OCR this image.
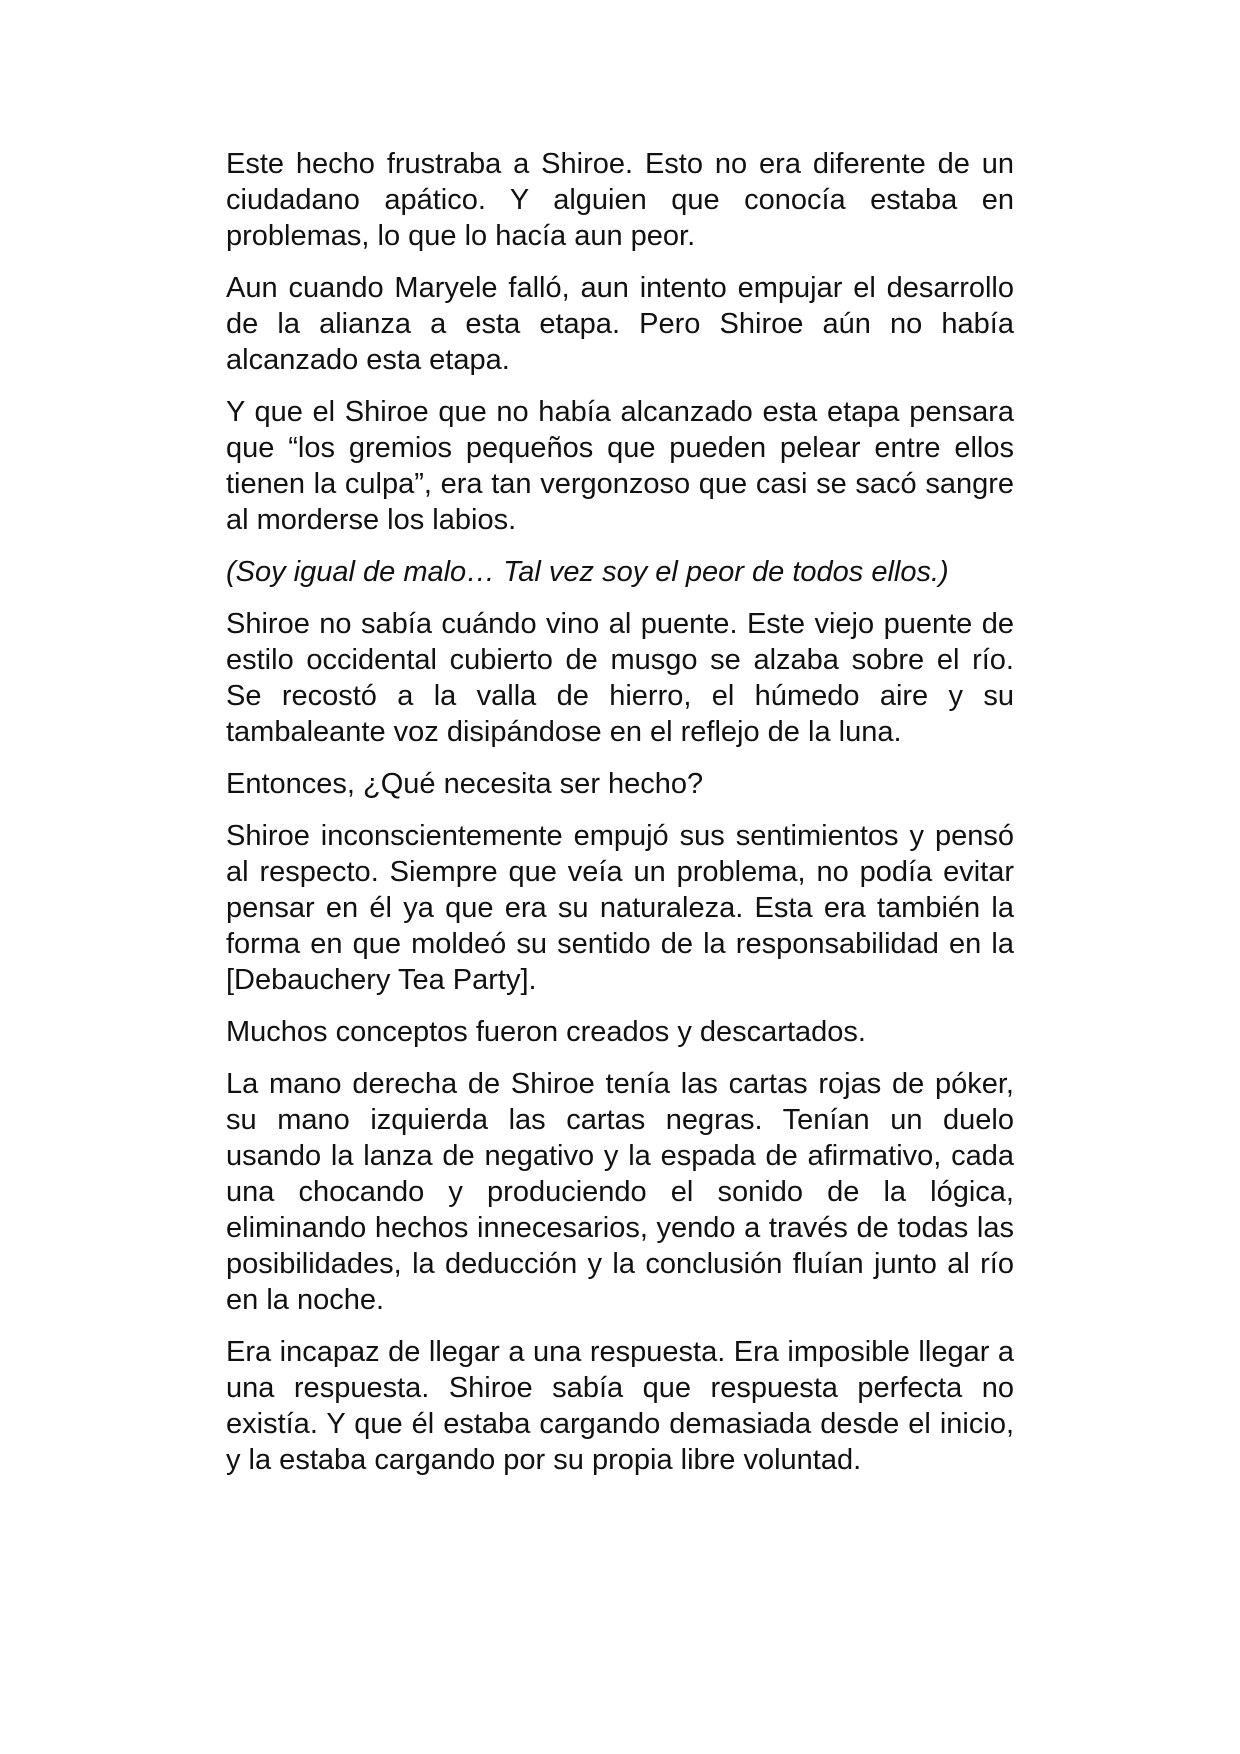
Este hecho frustraba a Shiroe. Esto no era diferente de un ciudadano apático. Y alguien que conocía estaba en problemas, lo que lo hacía aun peor.

Aun cuando Maryele falló, aun intento empujar el desarrollo de la alianza a esta etapa. Pero Shiroe aún no había alcanzado esta etapa.

Y que el Shiroe que no había alcanzado esta etapa pensara que “los gremios pequeños que pueden pelear entre ellos tienen la culpa”, era tan vergonzoso que casi se sacó sangre al morderse los labios.

(Soy igual de malo… Tal vez soy el peor de todos ellos.)

Shiroe no sabía cuándo vino al puente. Este viejo puente de estilo occidental cubierto de musgo se alzaba sobre el río. Se recostó a la valla de hierro, el húmedo aire y su tambaleante voz disipándose en el reflejo de la luna.

Entonces, ¿Qué necesita ser hecho?

Shiroe inconscientemente empujó sus sentimientos y pensó al respecto. Siempre que veía un problema, no podía evitar pensar en él ya que era su naturaleza. Esta era también la forma en que moldeó su sentido de la responsabilidad en la [Debauchery Tea Party].

Muchos conceptos fueron creados y descartados.

La mano derecha de Shiroe tenía las cartas rojas de póker, su mano izquierda las cartas negras. Tenían un duelo usando la lanza de negativo y la espada de afirmativo, cada una chocando y produciendo el sonido de la lógica, eliminando hechos innecesarios, yendo a través de todas las posibilidades, la deducción y la conclusión fluían junto al río en la noche.

Era incapaz de llegar a una respuesta. Era imposible llegar a una respuesta. Shiroe sabía que respuesta perfecta no existía. Y que él estaba cargando demasiada desde el inicio, y la estaba cargando por su propia libre voluntad.
